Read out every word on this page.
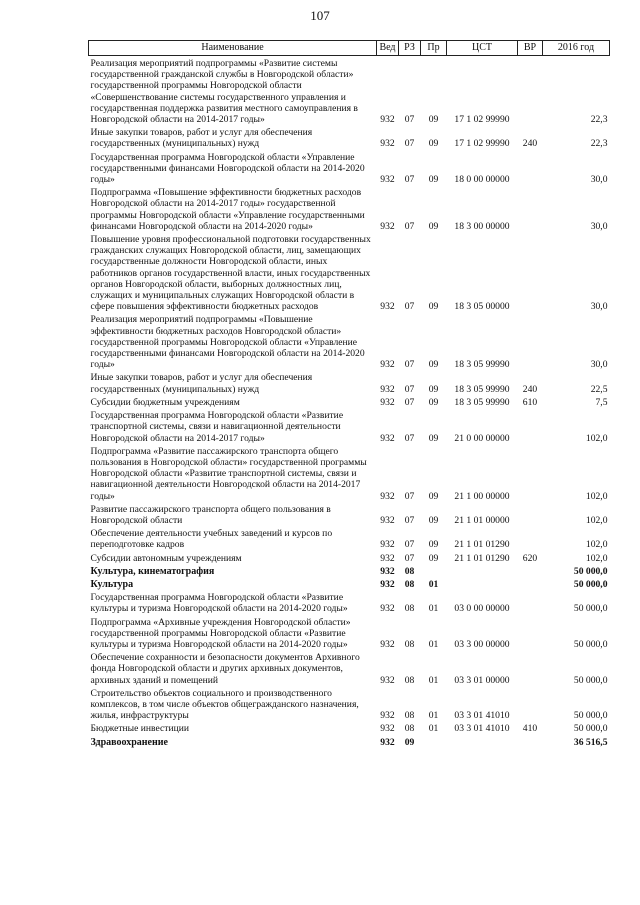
107
Наименование	Вед	РЗ	Пр	ЦСТ	ВР	2016 год
Реализация мероприятий подпрограммы «Развитие системы государственной гражданской службы в Новгородской области» государственной программы Новгородской области «Совершенствование системы государственного управления и государственная поддержка развития местного самоуправления в Новгородской области на 2014-2017 годы»	932	07	09	17 1 02 99990		22,3
Иные закупки товаров, работ и услуг для обеспечения государственных (муниципальных) нужд	932	07	09	17 1 02 99990	240	22,3
Государственная программа Новгородской области «Управление государственными финансами Новгородской области на 2014-2020 годы»	932	07	09	18 0 00 00000		30,0
Подпрограмма «Повышение эффективности бюджетных расходов Новгородской области на 2014-2017 годы» государственной программы Новгородской области «Управление государственными финансами Новгородской области на 2014-2020 годы»	932	07	09	18 3 00 00000		30,0
Повышение уровня профессиональной подготовки государственных гражданских служащих Новгородской области, лиц, замещающих государственные должности Новгородской области, иных работников органов государственной власти, иных государственных органов Новгородской области, выборных должностных лиц, служащих и муниципальных служащих Новгородской области в сфере повышения эффективности бюджетных расходов	932	07	09	18 3 05 00000		30,0
Реализация мероприятий подпрограммы «Повышение эффективности бюджетных расходов Новгородской области» государственной программы Новгородской области «Управление государственными финансами Новгородской области на 2014-2020 годы»	932	07	09	18 3 05 99990		30,0
Иные закупки товаров, работ и услуг для обеспечения государственных (муниципальных) нужд	932	07	09	18 3 05 99990	240	22,5
Субсидии бюджетным учреждениям	932	07	09	18 3 05 99990	610	7,5
Государственная программа Новгородской области «Развитие транспортной системы, связи и навигационной деятельности Новгородской области на 2014-2017 годы»	932	07	09	21 0 00 00000		102,0
Подпрограмма «Развитие пассажирского транспорта общего пользования в Новгородской области» государственной программы Новгородской области «Развитие транспортной системы, связи и навигационной деятельности Новгородской области на 2014-2017 годы»	932	07	09	21 1 00 00000		102,0
Развитие пассажирского транспорта общего пользования в Новгородской области	932	07	09	21 1 01 00000		102,0
Обеспечение деятельности учебных заведений и курсов по переподготовке кадров	932	07	09	21 1 01 01290		102,0
Субсидии автономным учреждениям	932	07	09	21 1 01 01290	620	102,0
Культура, кинематография	932	08				50 000,0
Культура	932	08	01			50 000,0
Государственная программа Новгородской области «Развитие культуры и туризма Новгородской области на 2014-2020 годы»	932	08	01	03 0 00 00000		50 000,0
Подпрограмма «Архивные учреждения Новгородской области» государственной программы Новгородской области «Развитие культуры и туризма Новгородской области на 2014-2020 годы»	932	08	01	03 3 00 00000		50 000,0
Обеспечение сохранности и безопасности документов Архивного фонда Новгородской области и других архивных документов, архивных зданий и помещений	932	08	01	03 3 01 00000		50 000,0
Строительство объектов социального и производственного комплексов, в том числе объектов общегражданского назначения, жилья, инфраструктуры	932	08	01	03 3 01 41010		50 000,0
Бюджетные инвестиции	932	08	01	03 3 01 41010	410	50 000,0
Здравоохранение	932	09				36 516,5
